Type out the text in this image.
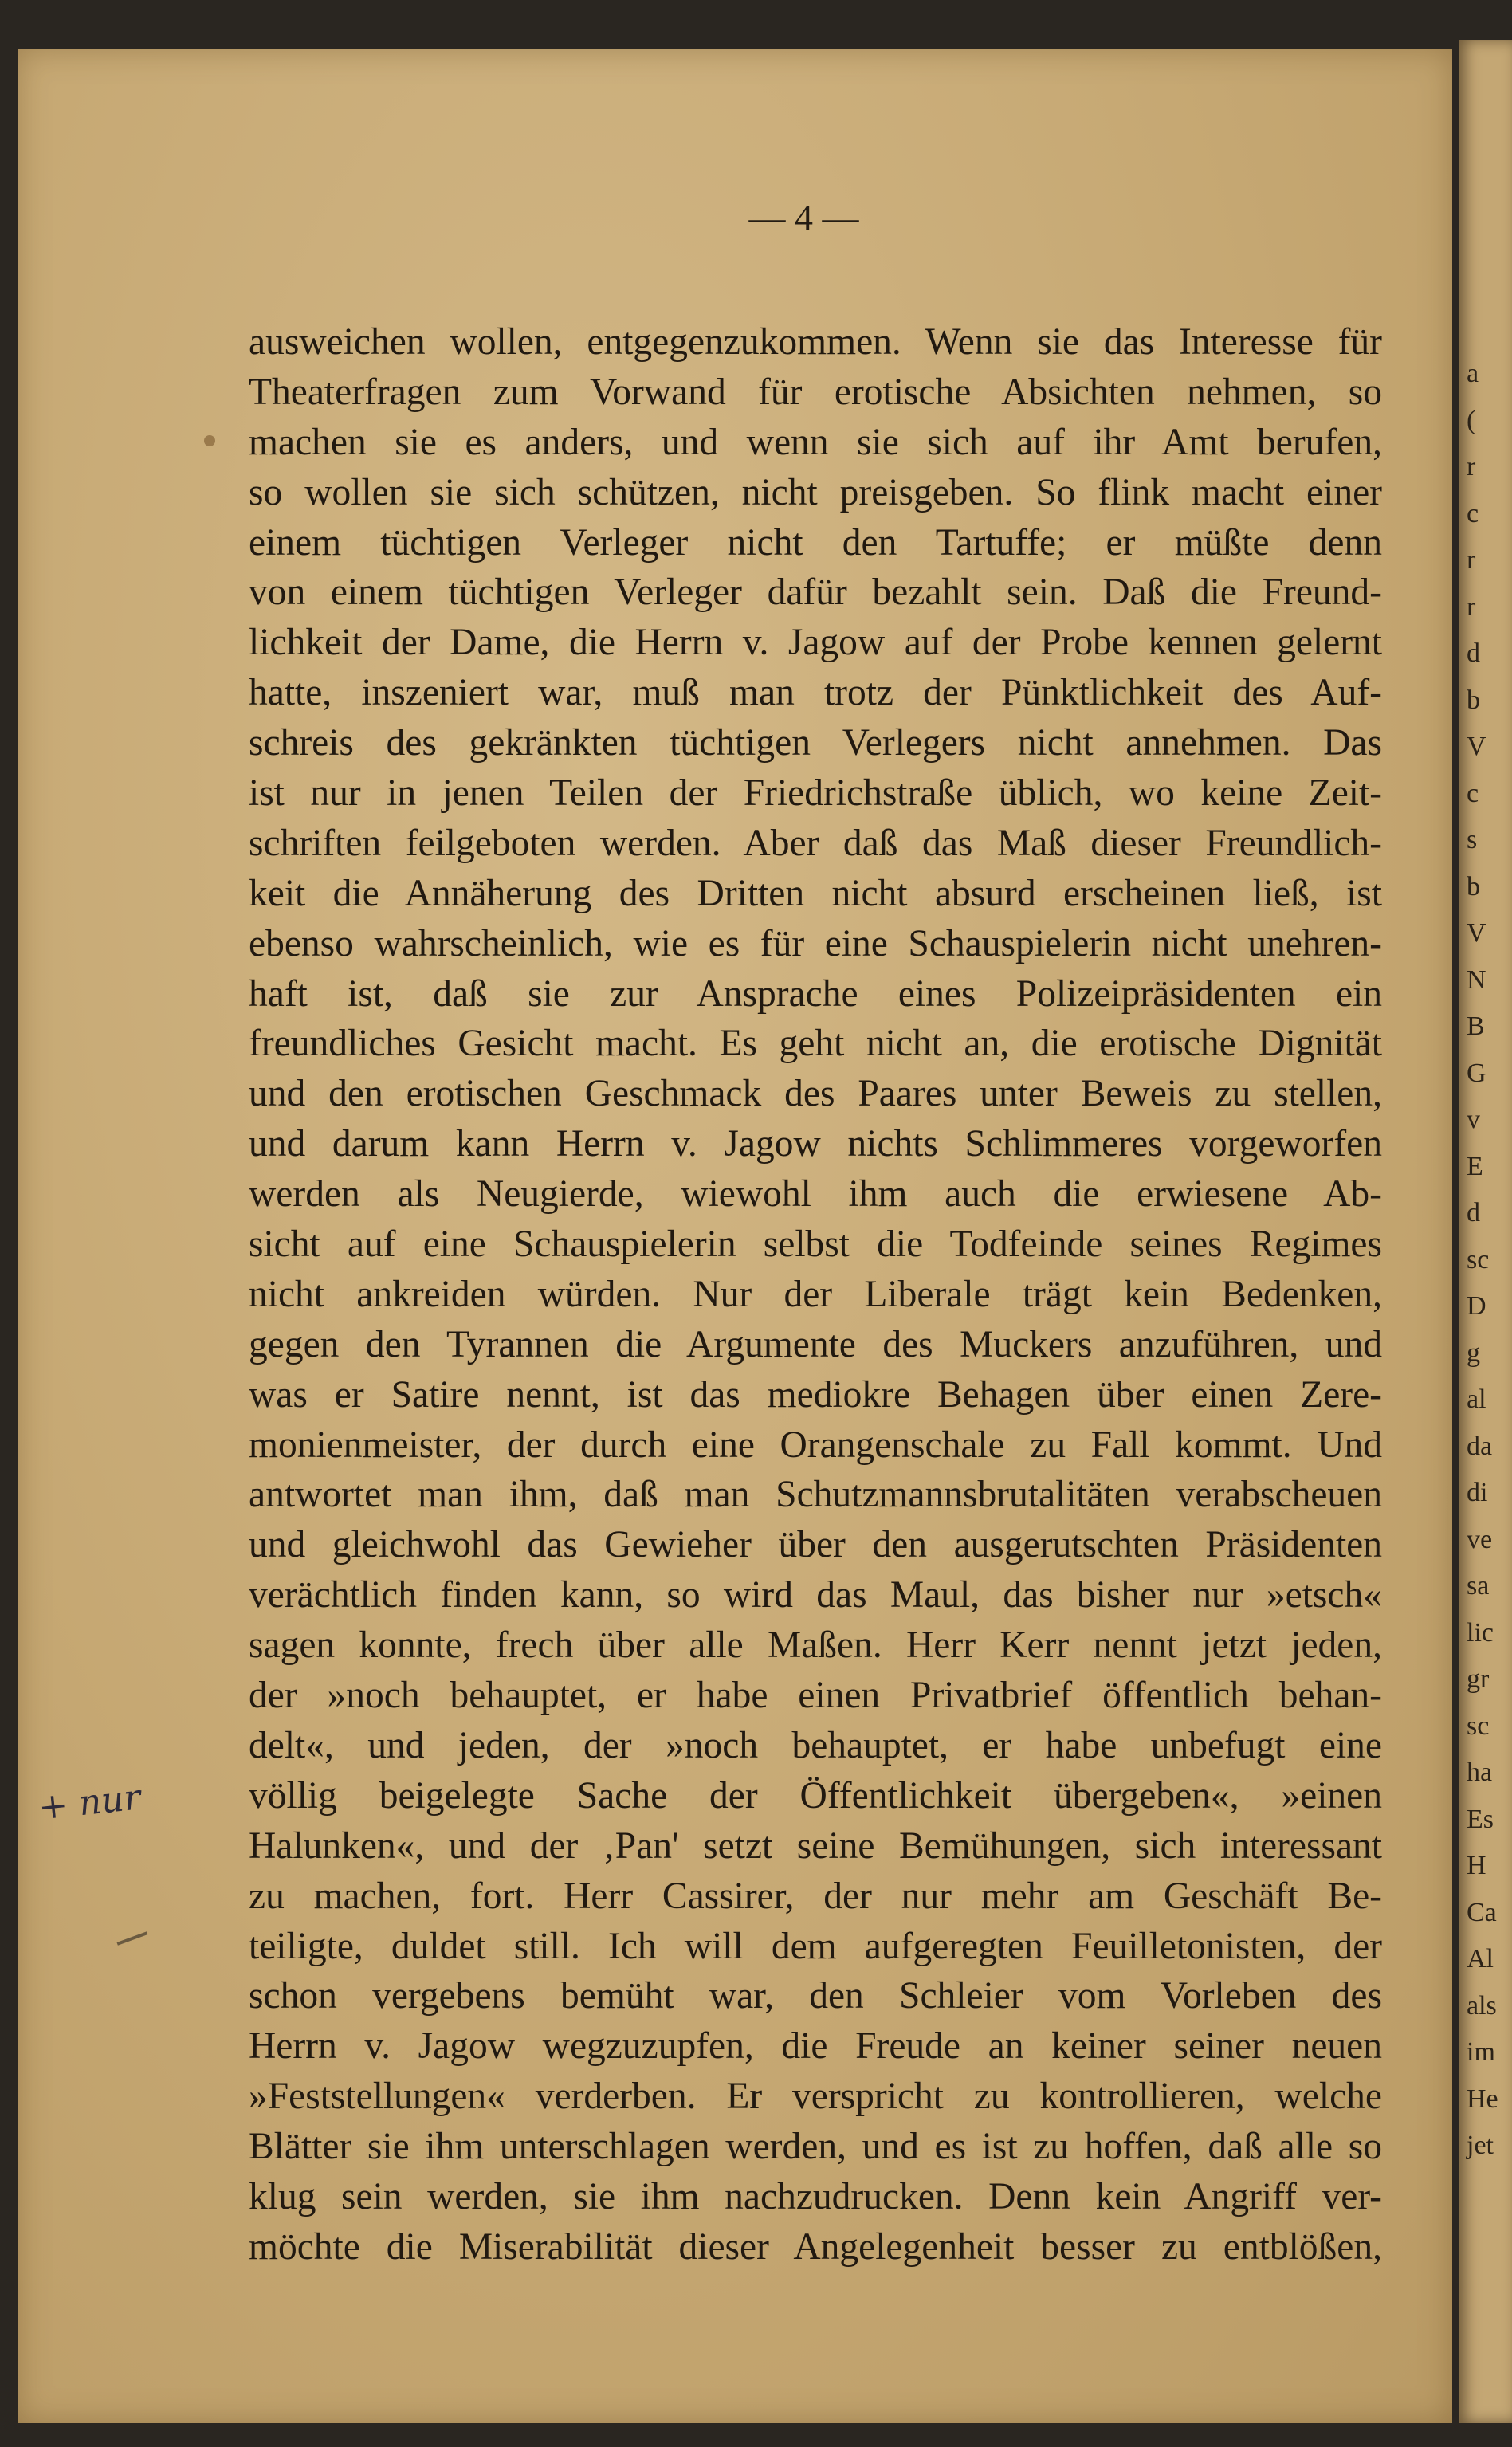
a
(
r
c
r
r
d
b
V
c
s
b
V
N
B
G
v
E
d
sc
D
g
al
da
di
ve
sa
lic
gr
sc
ha
Es
H
Ca
Al
als
im
He
jet
— 4 —
+ nur
ausweichen wollen, entgegenzukommen. Wenn sie das Interesse für
Theaterfragen zum Vorwand für erotische Absichten nehmen, so
machen sie es anders, und wenn sie sich auf ihr Amt berufen,
so wollen sie sich schützen, nicht preisgeben. So flink macht einer
einem tüchtigen Verleger nicht den Tartuffe; er müßte denn
von einem tüchtigen Verleger dafür bezahlt sein. Daß die Freund-
lichkeit der Dame, die Herrn v. Jagow auf der Probe kennen gelernt
hatte, inszeniert war, muß man trotz der Pünktlichkeit des Auf-
schreis des gekränkten tüchtigen Verlegers nicht annehmen. Das
ist nur in jenen Teilen der Friedrichstraße üblich, wo keine Zeit-
schriften feilgeboten werden. Aber daß das Maß dieser Freundlich-
keit die Annäherung des Dritten nicht absurd erscheinen ließ, ist
ebenso wahrscheinlich, wie es für eine Schauspielerin nicht unehren-
haft ist, daß sie zur Ansprache eines Polizeipräsidenten ein
freundliches Gesicht macht. Es geht nicht an, die erotische Dignität
und den erotischen Geschmack des Paares unter Beweis zu stellen,
und darum kann Herrn v. Jagow nichts Schlimmeres vorgeworfen
werden als Neugierde, wiewohl ihm auch die erwiesene Ab-
sicht auf eine Schauspielerin selbst die Todfeinde seines Regimes
nicht ankreiden würden. Nur der Liberale trägt kein Bedenken,
gegen den Tyrannen die Argumente des Muckers anzuführen, und
was er Satire nennt, ist das mediokre Behagen über einen Zere-
monienmeister, der durch eine Orangenschale zu Fall kommt. Und
antwortet man ihm, daß man Schutzmannsbrutalitäten verabscheuen
und gleichwohl das Gewieher über den ausgerutschten Präsidenten
verächtlich finden kann, so wird das Maul, das bisher nur »etsch«
sagen konnte, frech über alle Maßen. Herr Kerr nennt jetzt jeden,
der »noch behauptet, er habe einen Privatbrief öffentlich behan-
delt«, und jeden, der »noch behauptet, er habe unbefugt eine
völlig beigelegte Sache der Öffentlichkeit übergeben«, »einen
Halunken«, und der ‚Pan' setzt seine Bemühungen, sich interessant
zu machen, fort. Herr Cassirer, der nur mehr am Geschäft Be-
teiligte, duldet still. Ich will dem aufgeregten Feuilletonisten, der
schon vergebens bemüht war, den Schleier vom Vorleben des
Herrn v. Jagow wegzuzupfen, die Freude an keiner seiner neuen
»Feststellungen« verderben. Er verspricht zu kontrollieren, welche
Blätter sie ihm unterschlagen werden, und es ist zu hoffen, daß alle so
klug sein werden, sie ihm nachzudrucken. Denn kein Angriff ver-
möchte die Miserabilität dieser Angelegenheit besser zu entblößen,
